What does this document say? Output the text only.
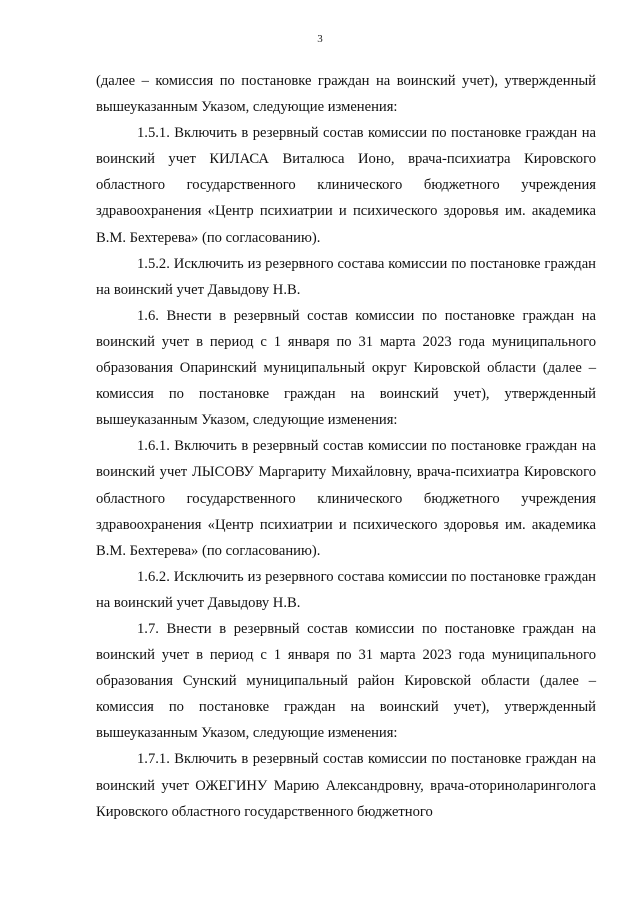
3

(далее – комиссия по постановке граждан на воинский учет), утвержденный вышеуказанным Указом, следующие изменения:

1.5.1. Включить в резервный состав комиссии по постановке граждан на воинский учет КИЛАСА Виталюса Ионо, врача-психиатра Кировского областного государственного клинического бюджетного учреждения здравоохранения «Центр психиатрии и психического здоровья им. академика В.М. Бехтерева» (по согласованию).

1.5.2. Исключить из резервного состава комиссии по постановке граждан на воинский учет Давыдову Н.В.

1.6. Внести в резервный состав комиссии по постановке граждан на воинский учет в период с 1 января по 31 марта 2023 года муниципального образования Опаринский муниципальный округ Кировской области (далее – комиссия по постановке граждан на воинский учет), утвержденный вышеуказанным Указом, следующие изменения:

1.6.1. Включить в резервный состав комиссии по постановке граждан на воинский учет ЛЫСОВУ Маргариту Михайловну, врача-психиатра Кировского областного государственного клинического бюджетного учреждения здравоохранения «Центр психиатрии и психического здоровья им. академика В.М. Бехтерева» (по согласованию).

1.6.2. Исключить из резервного состава комиссии по постановке граждан на воинский учет Давыдову Н.В.

1.7. Внести в резервный состав комиссии по постановке граждан на воинский учет в период с 1 января по 31 марта 2023 года муниципального образования Сунский муниципальный район Кировской области (далее – комиссия по постановке граждан на воинский учет), утвержденный вышеуказанным Указом, следующие изменения:

1.7.1. Включить в резервный состав комиссии по постановке граждан на воинский учет ОЖЕГИНУ Марию Александровну, врача-оториноларинголога Кировского областного государственного бюджетного
